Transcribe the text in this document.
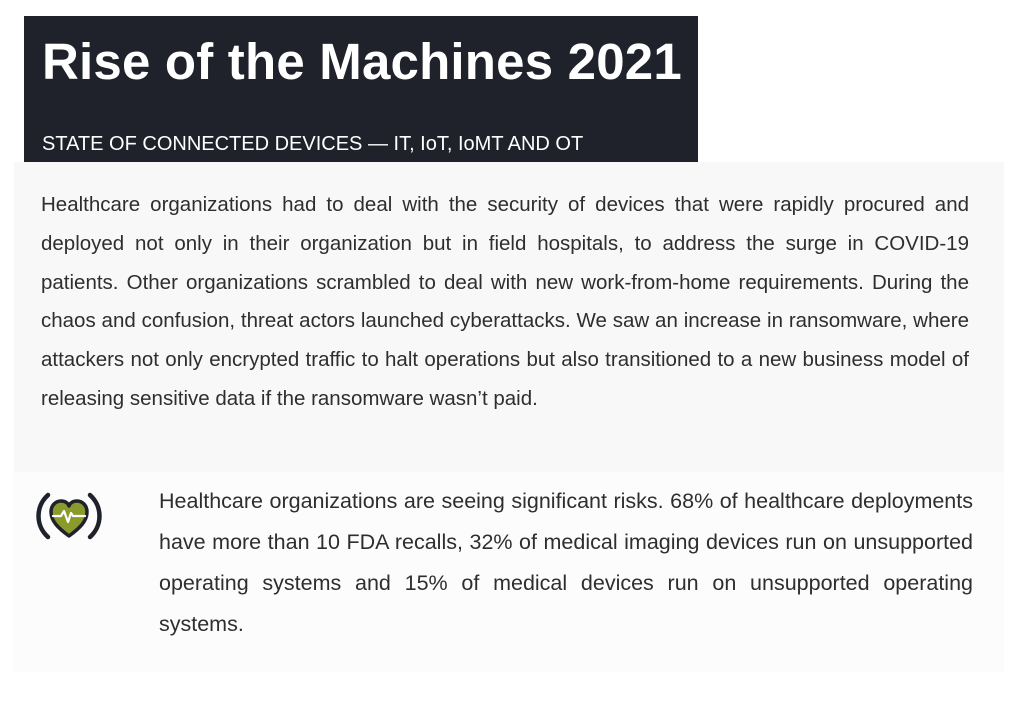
Rise of the Machines 2021
STATE OF CONNECTED DEVICES — IT, IoT, IoMT AND OT

Healthcare organizations had to deal with the security of devices that were rapidly procured and deployed not only in their organization but in field hospitals, to address the surge in COVID-19 patients. Other organizations scrambled to deal with new work-from-home requirements. During the chaos and confusion, threat actors launched cyberattacks. We saw an increase in ransomware, where attackers not only encrypted traffic to halt operations but also transitioned to a new business model of releasing sensitive data if the ransomware wasn’t paid.

Healthcare organizations are seeing significant risks. 68% of healthcare deployments have more than 10 FDA recalls, 32% of medical imaging devices run on unsupported operating systems and 15% of medical devices run on unsupported operating systems.
